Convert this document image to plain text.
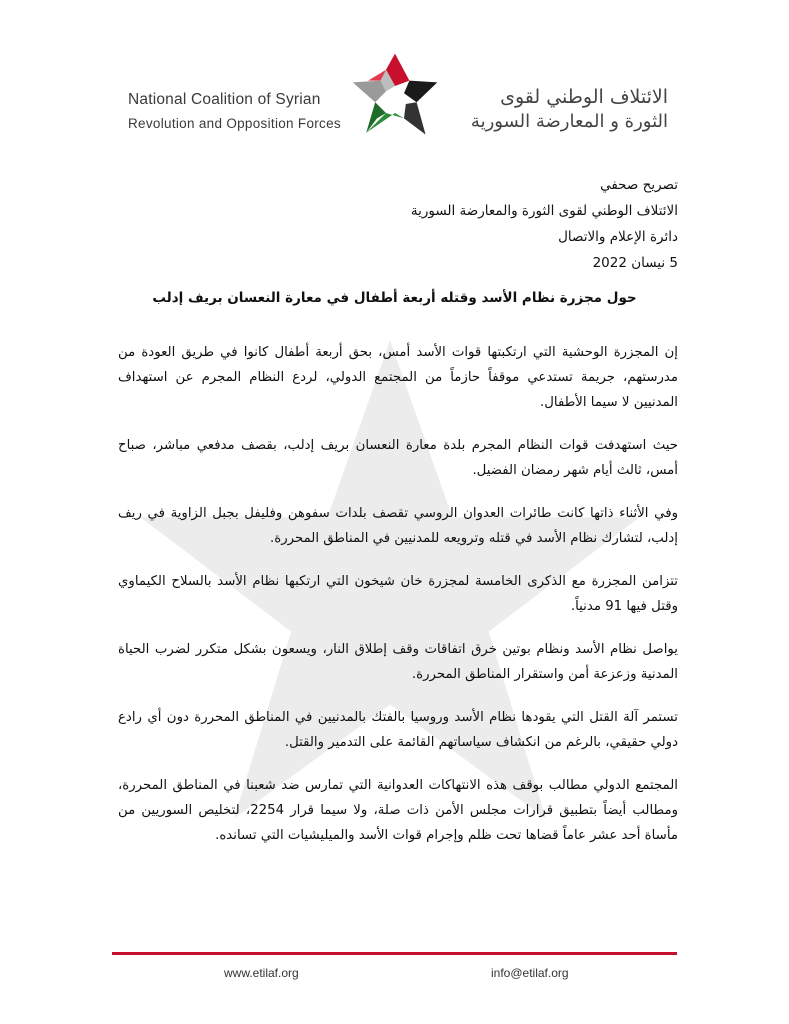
National Coalition of Syrian
Revolution and Opposition Forces
الائتلاف الوطني لقوى
الثورة و المعارضة السورية
تصريح صحفي
الائتلاف الوطني لقوى الثورة والمعارضة السورية
دائرة الإعلام والاتصال
5 نيسان 2022
حول مجزرة نظام الأسد وقتله أربعة أطفال في معارة النعسان بريف إدلب

إن المجزرة الوحشية التي ارتكبتها قوات الأسد أمس، بحق أربعة أطفال كانوا في طريق العودة من مدرستهم، جريمة تستدعي موقفاً حازماً من المجتمع الدولي، لردع النظام المجرم عن استهداف المدنيين لا سيما الأطفال.

حيث استهدفت قوات النظام المجرم بلدة معارة النعسان بريف إدلب، بقصف مدفعي مباشر، صباح أمس، ثالث أيام شهر رمضان الفضيل.

وفي الأثناء ذاتها كانت طائرات العدوان الروسي تقصف بلدات سفوهن وفليفل بجبل الزاوية في ريف إدلب، لتشارك نظام الأسد في قتله وترويعه للمدنيين في المناطق المحررة.

تتزامن المجزرة مع الذكرى الخامسة لمجزرة خان شيخون التي ارتكبها نظام الأسد بالسلاح الكيماوي وقتل فيها 91 مدنياً.

يواصل نظام الأسد ونظام بوتين خرق اتفاقات وقف إطلاق النار، ويسعون بشكل متكرر لضرب الحياة المدنية وزعزعة أمن واستقرار المناطق المحررة.

تستمر آلة القتل التي يقودها نظام الأسد وروسيا بالفتك بالمدنيين في المناطق المحررة دون أي رادع دولي حقيقي، بالرغم من انكشاف سياساتهم القائمة على التدمير والقتل.

المجتمع الدولي مطالب بوقف هذه الانتهاكات العدوانية التي تمارس ضد شعبنا في المناطق المحررة، ومطالب أيضاً بتطبيق قرارات مجلس الأمن ذات صلة، ولا سيما قرار 2254، لتخليص السوريين من مأساة أحد عشر عاماً قضاها تحت ظلم وإجرام قوات الأسد والميليشيات التي تسانده.

www.etilaf.org	info@etilaf.org
